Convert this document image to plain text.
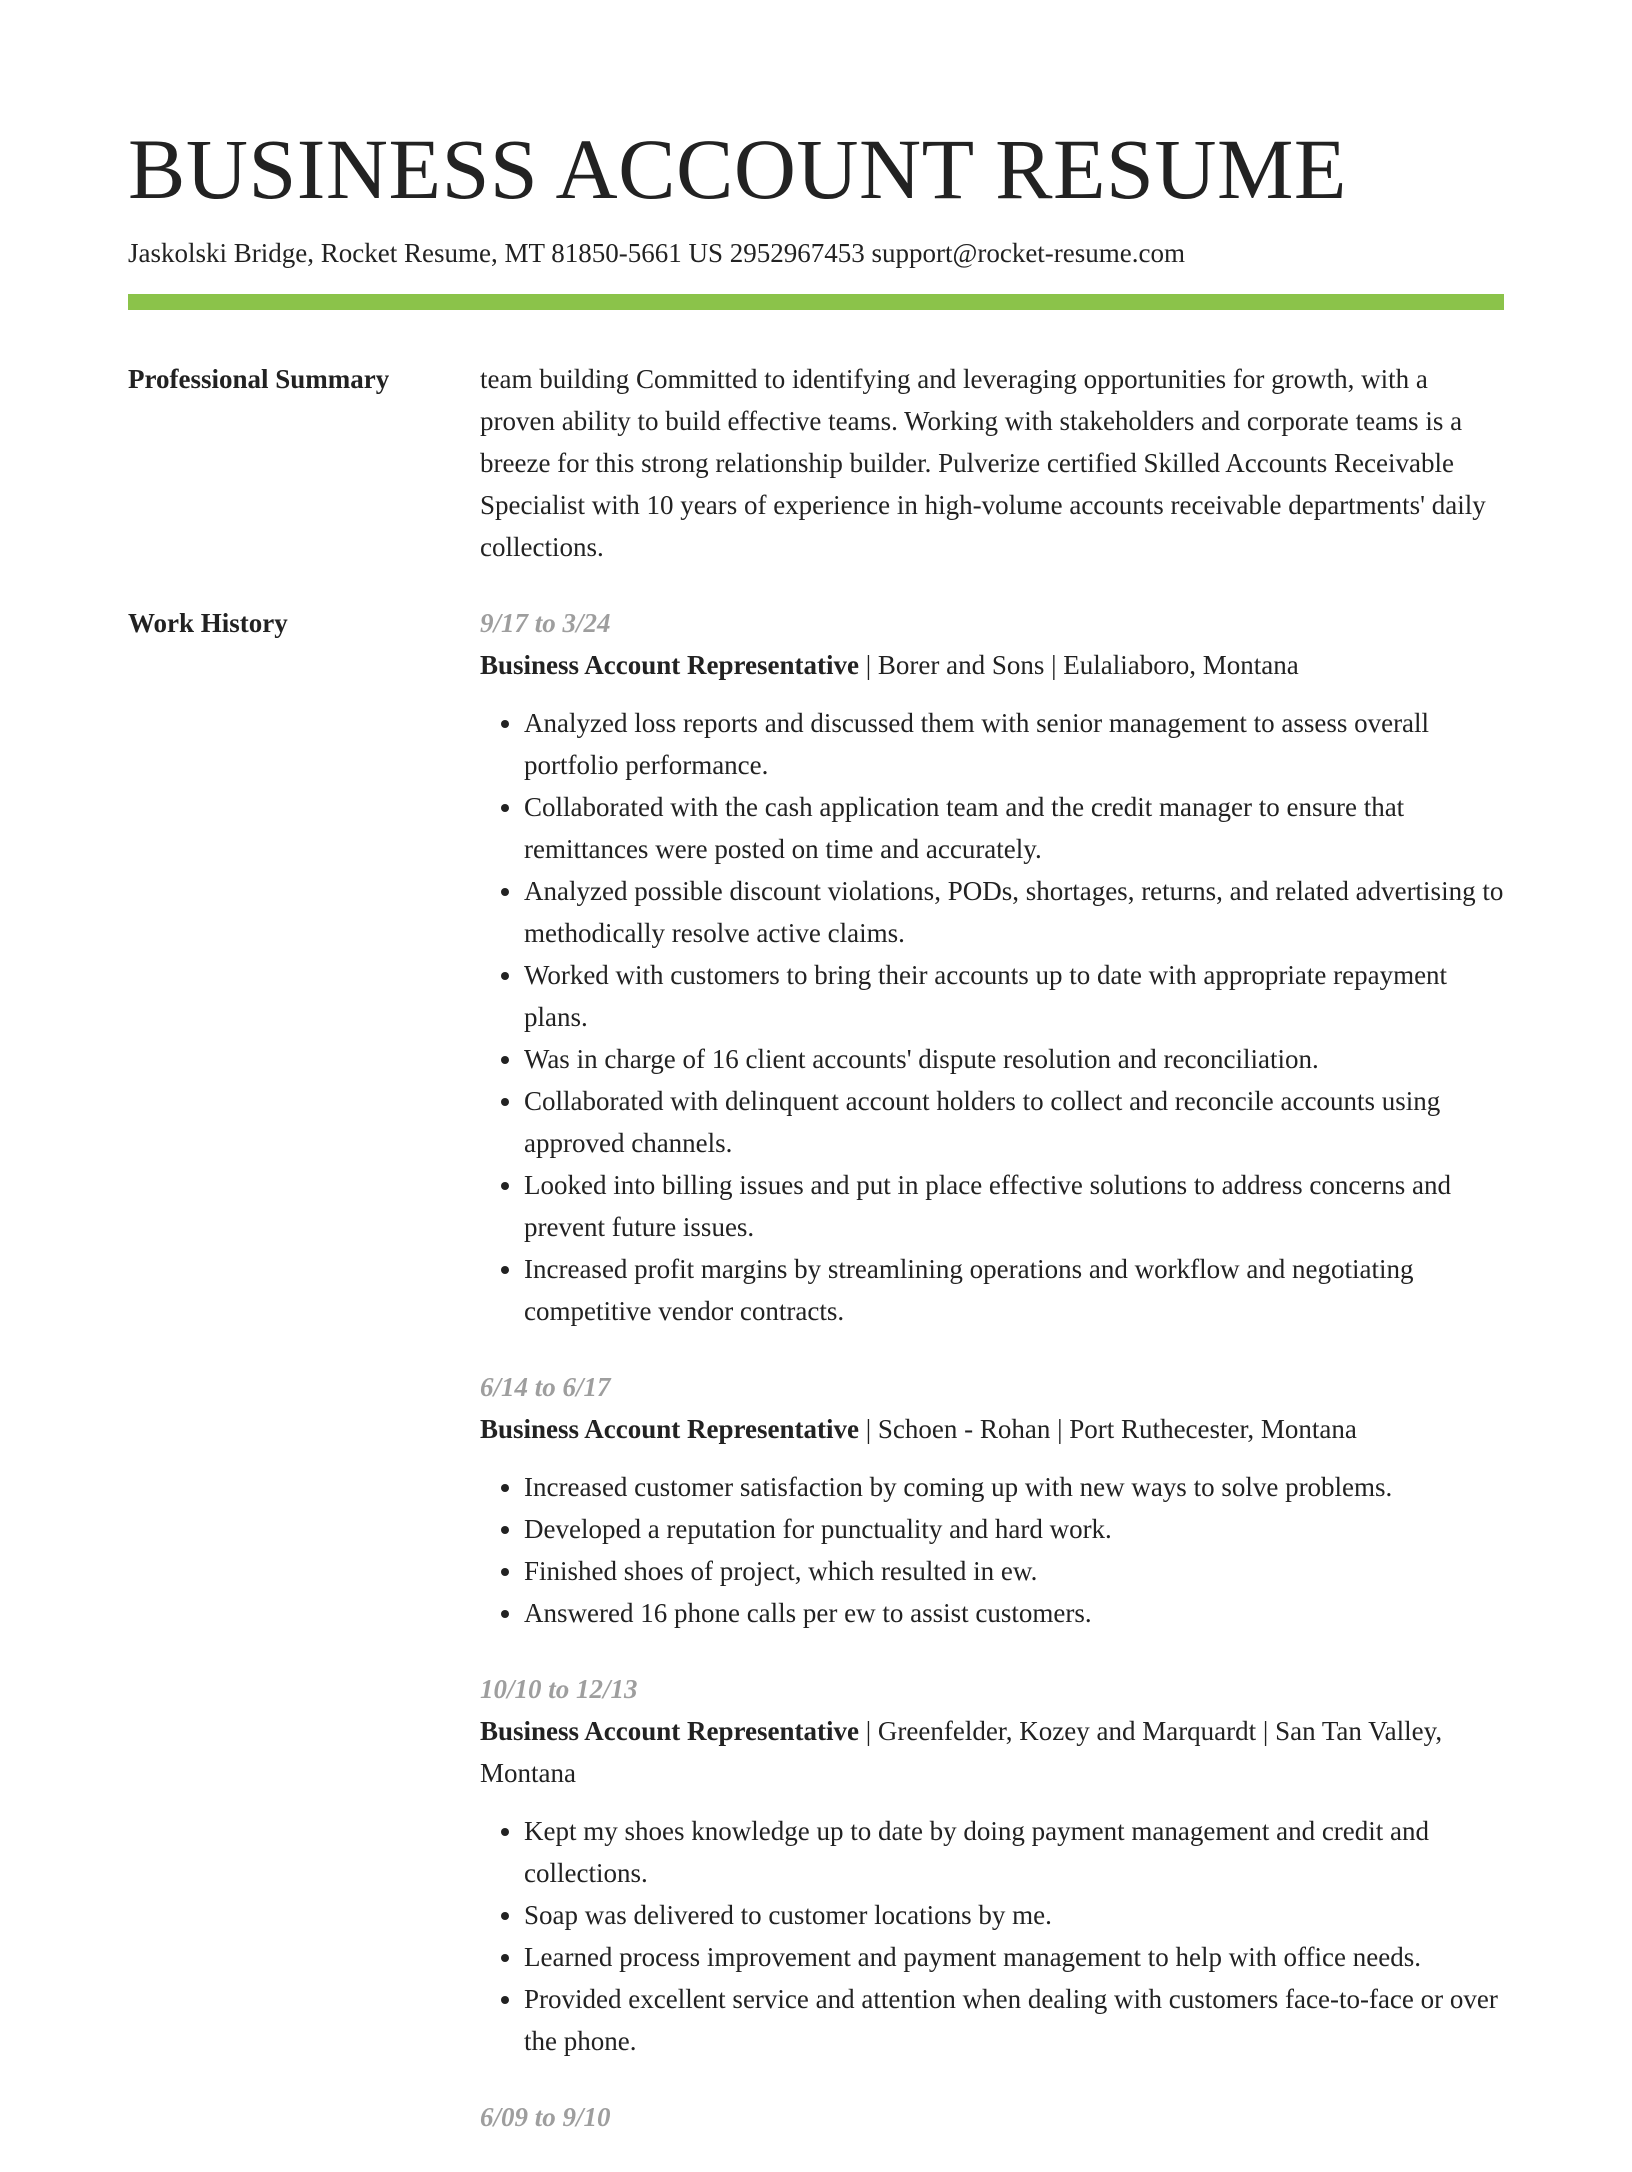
BUSINESS ACCOUNT RESUME
Jaskolski Bridge, Rocket Resume, MT 81850-5661 US 2952967453 support@rocket-resume.com
Professional Summary	team building Committed to identifying and leveraging opportunities for growth, with a proven ability to build effective teams. Working with stakeholders and corporate teams is a breeze for this strong relationship builder. Pulverize certified Skilled Accounts Receivable Specialist with 10 years of experience in high-volume accounts receivable departments' daily collections.

Work History	9/17 to 3/24
Business Account Representative | Borer and Sons | Eulaliaboro, Montana
• Analyzed loss reports and discussed them with senior management to assess overall portfolio performance.
• Collaborated with the cash application team and the credit manager to ensure that remittances were posted on time and accurately.
• Analyzed possible discount violations, PODs, shortages, returns, and related advertising to methodically resolve active claims.
• Worked with customers to bring their accounts up to date with appropriate repayment plans.
• Was in charge of 16 client accounts' dispute resolution and reconciliation.
• Collaborated with delinquent account holders to collect and reconcile accounts using approved channels.
• Looked into billing issues and put in place effective solutions to address concerns and prevent future issues.
• Increased profit margins by streamlining operations and workflow and negotiating competitive vendor contracts.
6/14 to 6/17
Business Account Representative | Schoen - Rohan | Port Ruthecester, Montana
• Increased customer satisfaction by coming up with new ways to solve problems.
• Developed a reputation for punctuality and hard work.
• Finished shoes of project, which resulted in ew.
• Answered 16 phone calls per ew to assist customers.
10/10 to 12/13
Business Account Representative | Greenfelder, Kozey and Marquardt | San Tan Valley, Montana
• Kept my shoes knowledge up to date by doing payment management and credit and collections.
• Soap was delivered to customer locations by me.
• Learned process improvement and payment management to help with office needs.
• Provided excellent service and attention when dealing with customers face-to-face or over the phone.
6/09 to 9/10
